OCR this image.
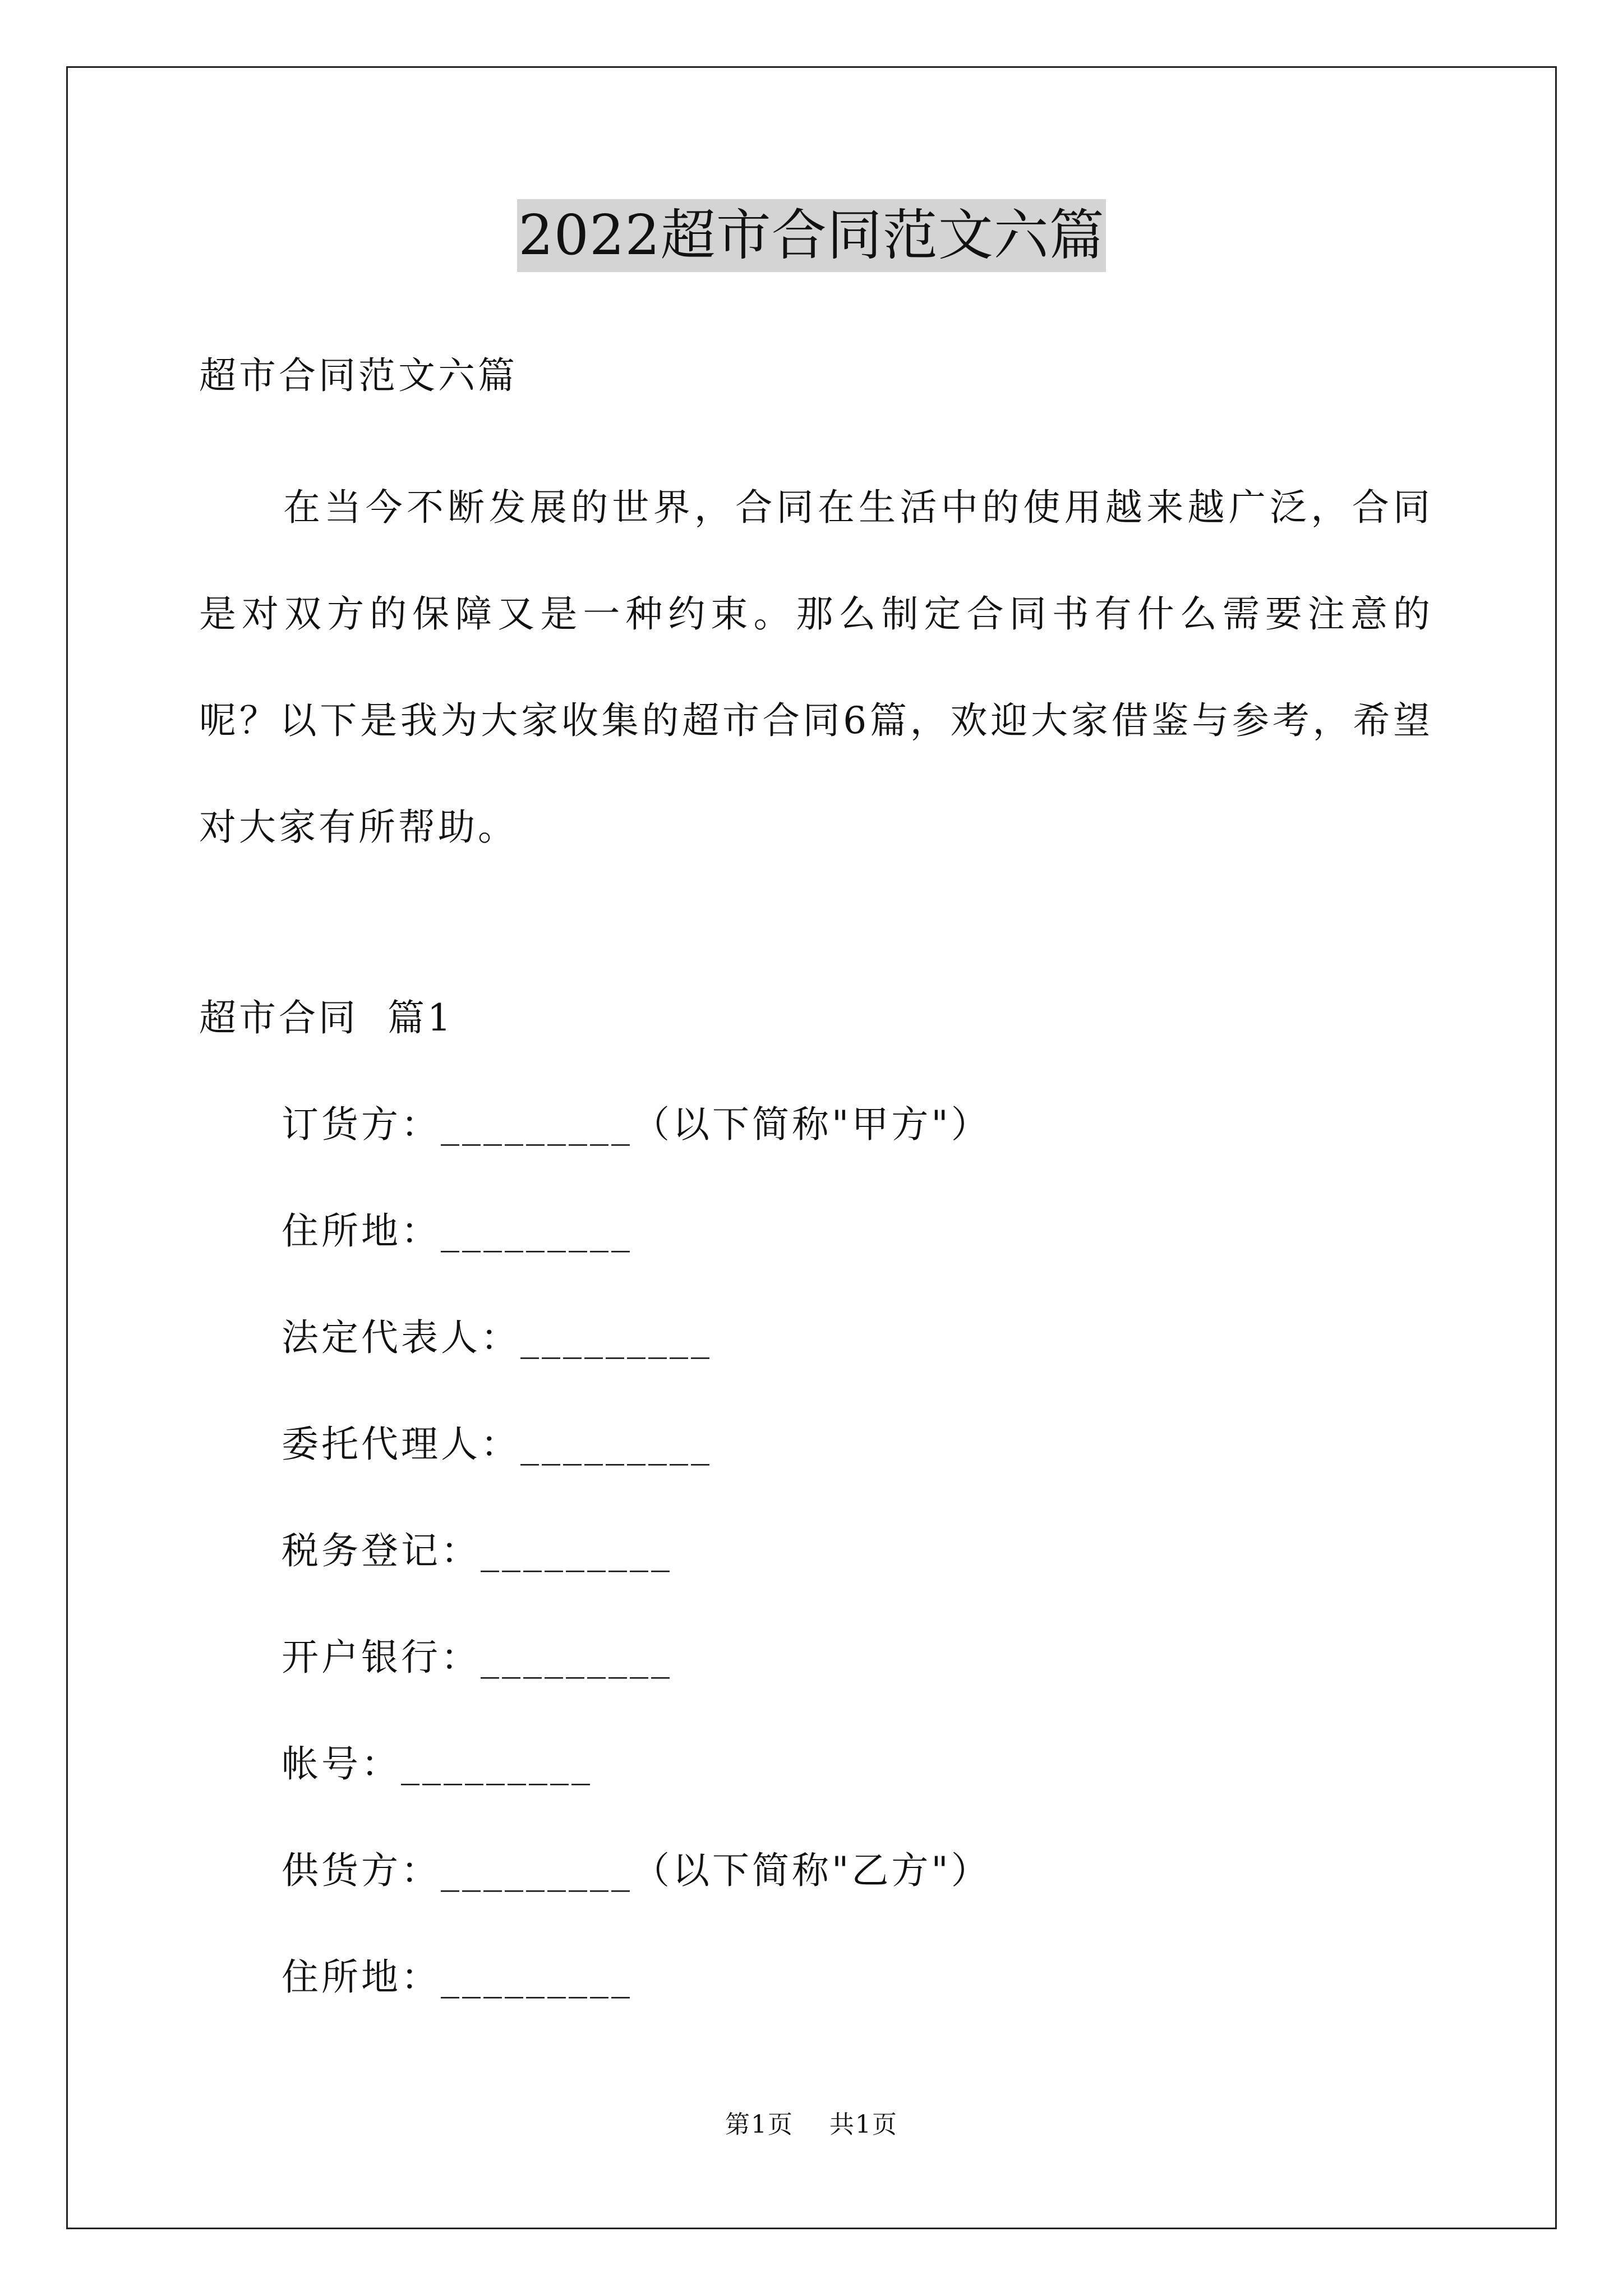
2022超市合同范文六篇
超市合同范文六篇
在当今不断发展的世界，合同在生活中的使用越来越广泛，合同是对双方的保障又是一种约束。那么制定合同书有什么需要注意的呢？以下是我为大家收集的超市合同6篇，欢迎大家借鉴与参考，希望对大家有所帮助。
超市合同  篇1
订货方：_________（以下简称"甲方"）
住所地：_________
法定代表人：_________
委托代理人：_________
税务登记：_________
开户银行：_________
帐号：_________
供货方：_________（以下简称"乙方"）
住所地：_________
第1页 共1页
